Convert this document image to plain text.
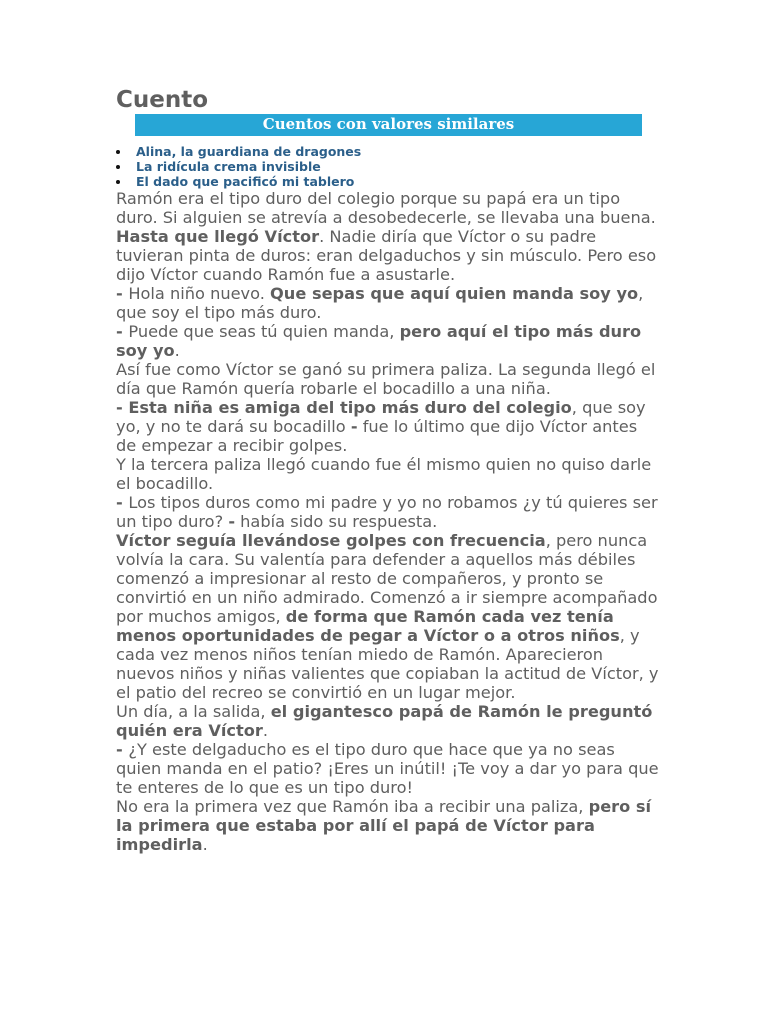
Cuento
Cuentos con valores similares
Alina, la guardiana de dragones
La ridícula crema invisible
El dado que pacificó mi tablero

Ramón era el tipo duro del colegio porque su papá era un tipo duro. Si alguien se atrevía a desobedecerle, se llevaba una buena.

Hasta que llegó Víctor. Nadie diría que Víctor o su padre tuvieran pinta de duros: eran delgaduchos y sin músculo. Pero eso dijo Víctor cuando Ramón fue a asustarle.

- Hola niño nuevo. Que sepas que aquí quien manda soy yo, que soy el tipo más duro.

- Puede que seas tú quien manda, pero aquí el tipo más duro soy yo.

Así fue como Víctor se ganó su primera paliza. La segunda llegó el día que Ramón quería robarle el bocadillo a una niña.

- Esta niña es amiga del tipo más duro del colegio, que soy yo, y no te dará su bocadillo - fue lo último que dijo Víctor antes de empezar a recibir golpes.

Y la tercera paliza llegó cuando fue él mismo quien no quiso darle el bocadillo.

- Los tipos duros como mi padre y yo no robamos ¿y tú quieres ser un tipo duro? - había sido su respuesta.

Víctor seguía llevándose golpes con frecuencia, pero nunca volvía la cara. Su valentía para defender a aquellos más débiles comenzó a impresionar al resto de compañeros, y pronto se convirtió en un niño admirado. Comenzó a ir siempre acompañado por muchos amigos, de forma que Ramón cada vez tenía menos oportunidades de pegar a Víctor o a otros niños, y cada vez menos niños tenían miedo de Ramón. Aparecieron nuevos niños y niñas valientes que copiaban la actitud de Víctor, y el patio del recreo se convirtió en un lugar mejor.

Un día, a la salida, el gigantesco papá de Ramón le preguntó quién era Víctor.

- ¿Y este delgaducho es el tipo duro que hace que ya no seas quien manda en el patio? ¡Eres un inútil! ¡Te voy a dar yo para que te enteres de lo que es un tipo duro!

No era la primera vez que Ramón iba a recibir una paliza, pero sí la primera que estaba por allí el papá de Víctor para impedirla.
